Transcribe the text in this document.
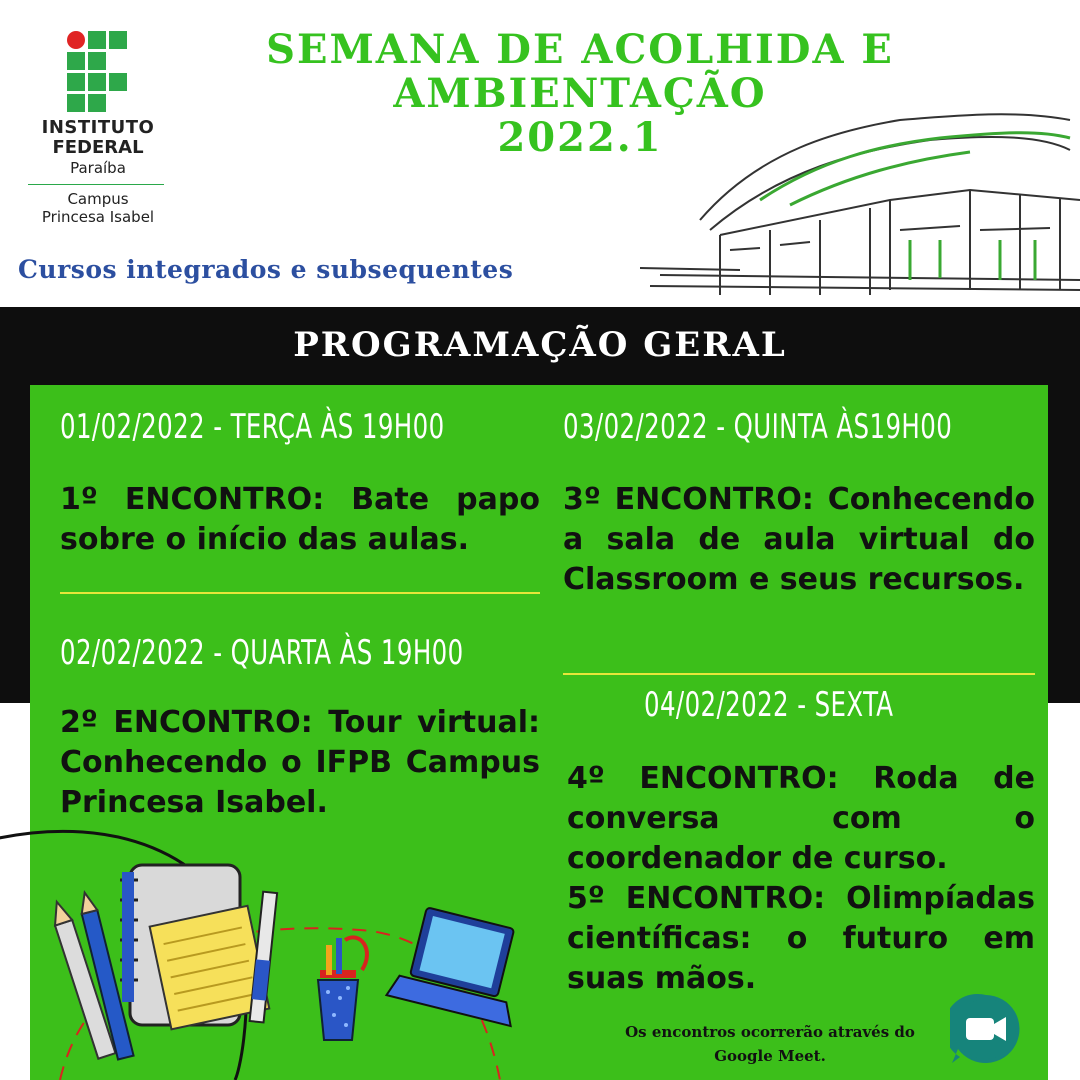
INSTITUTO
FEDERAL
Paraíba
Campus
Princesa Isabel
SEMANA DE ACOLHIDA E
AMBIENTAÇÃO
2022.1
Cursos integrados e subsequentes
PROGRAMAÇÃO GERAL
01/02/2022 - TERÇA ÀS 19H00
1º ENCONTRO: Bate papo sobre o início das aulas.
02/02/2022 - QUARTA ÀS 19H00
2º ENCONTRO: Tour virtual: Conhecendo o IFPB Campus Princesa Isabel.
03/02/2022 - QUINTA ÀS19H00
3º ENCONTRO: Conhecendo a sala de aula virtual do Classroom e seus recursos.
04/02/2022 - SEXTA
4º ENCONTRO: Roda de conversa com o coordenador de curso.
5º ENCONTRO: Olimpíadas científicas: o futuro em suas mãos.
Os encontros ocorrerão através do
Google Meet.
